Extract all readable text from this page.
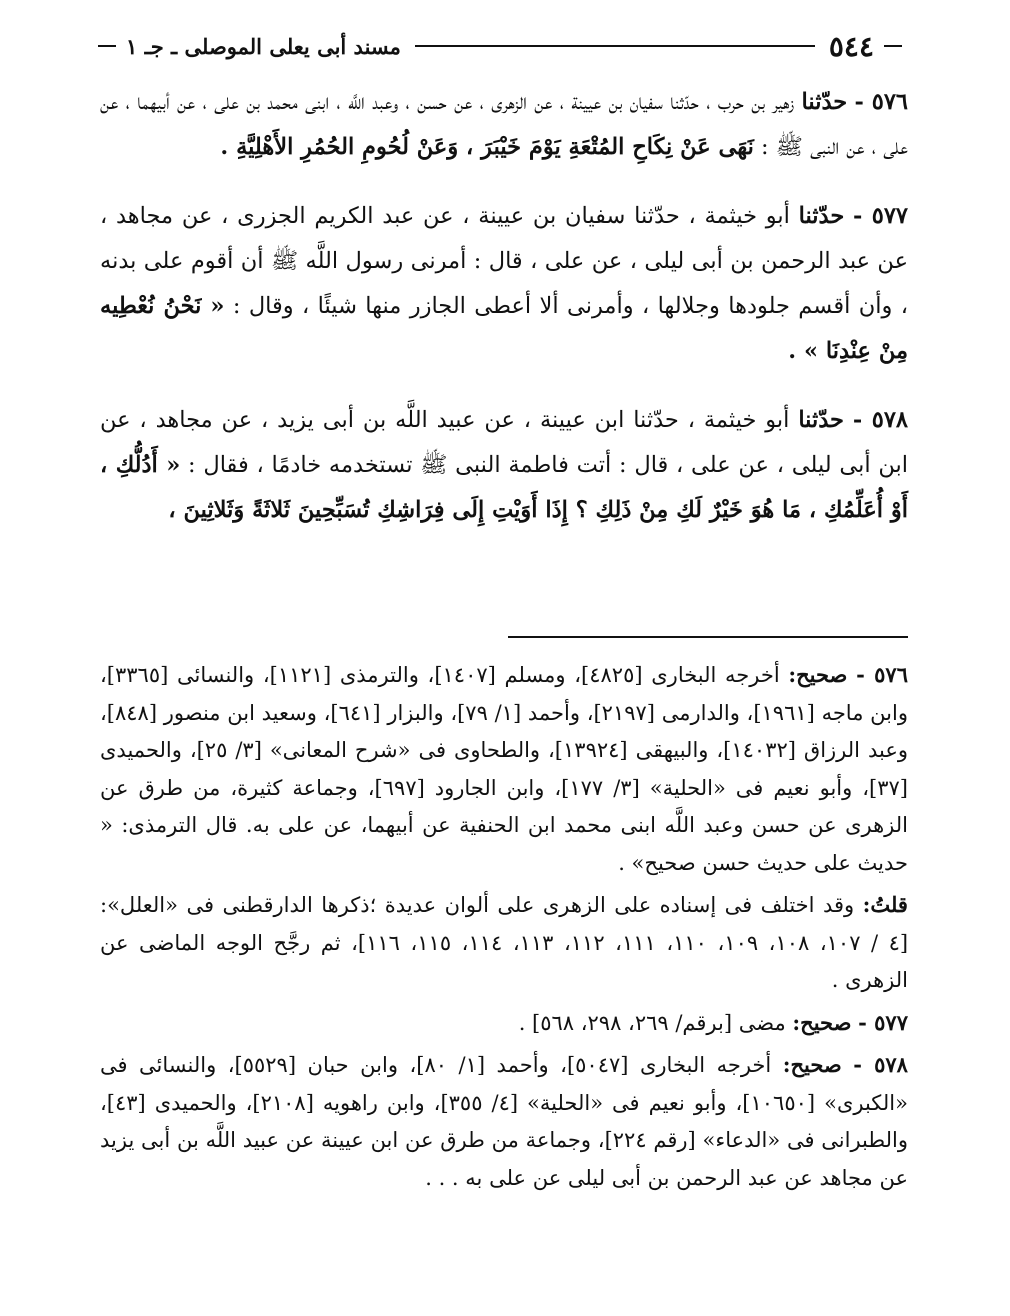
٥٤٤
مسند أبى يعلى الموصلى ـ جـ ١

٥٧٦ - حدّثنا زهير بن حرب ، حدّثنا سفيان بن عيينة ، عن الزهرى ، عن حسن ، وعبد اللَّه ، ابنى محمد بن على ، عن أبيهما ، عن على ، عن النبى ﷺ : نَهَى عَنْ نِكَاحِ المُتْعَةِ يَوْمَ خَيْبَرَ ، وَعَنْ لُحُومِ الحُمُرِ الأَهْلِيَّةِ .

٥٧٧ - حدّثنا أبو خيثمة ، حدّثنا سفيان بن عيينة ، عن عبد الكريم الجزرى ، عن مجاهد ، عن عبد الرحمن بن أبى ليلى ، عن على ، قال : أمرنى رسول اللَّه ﷺ أن أقوم على بدنه ، وأن أقسم جلودها وجلالها ، وأمرنى ألا أعطى الجازر منها شيئًا ، وقال : « نَحْنُ نُعْطِيه مِنْ عِنْدِنَا » .

٥٧٨ - حدّثنا أبو خيثمة ، حدّثنا ابن عيينة ، عن عبيد اللَّه بن أبى يزيد ، عن مجاهد ، عن ابن أبى ليلى ، عن على ، قال : أتت فاطمة النبى ﷺ تستخدمه خادمًا ، فقال : « أَدُلُّكِ ، أَوْ أُعَلِّمُكِ ، مَا هُوَ خَيْرٌ لَكِ مِنْ ذَلِكِ ؟ إِذَا أَوَيْتِ إِلَى فِرَاشِكِ تُسَبِّحِينَ ثَلاثَةً وَثَلاثِينَ ،

٥٧٦ - صحيح: أخرجه البخارى [٤٨٢٥]، ومسلم [١٤٠٧]، والترمذى [١١٢١]، والنسائى [٣٣٦٥]، وابن ماجه [١٩٦١]، والدارمى [٢١٩٧]، وأحمد [١/ ٧٩]، والبزار [٦٤١]، وسعيد ابن منصور [٨٤٨]، وعبد الرزاق [١٤٠٣٢]، والبيهقى [١٣٩٢٤]، والطحاوى فى «شرح المعانى» [٣/ ٢٥]، والحميدى [٣٧]، وأبو نعيم فى «الحلية» [٣/ ١٧٧]، وابن الجارود [٦٩٧]، وجماعة كثيرة، من طرق عن الزهرى عن حسن وعبد اللَّه ابنى محمد ابن الحنفية عن أبيهما، عن على به. قال الترمذى: « حديث على حديث حسن صحيح» .

قلتُ: وقد اختلف فى إسناده على الزهرى على ألوان عديدة ؛ذكرها الدارقطنى فى «العلل»: [٤ / ١٠٧، ١٠٨، ١٠٩، ١١٠، ١١١، ١١٢، ١١٣، ١١٤، ١١٥، ١١٦]، ثم رجَّح الوجه الماضى عن الزهرى .

٥٧٧ - صحيح: مضى [برقم/ ٢٦٩، ٢٩٨، ٥٦٨] .

٥٧٨ - صحيح: أخرجه البخارى [٥٠٤٧]، وأحمد [١/ ٨٠]، وابن حبان [٥٥٢٩]، والنسائى فى «الكبرى» [١٠٦٥٠]، وأبو نعيم فى «الحلية» [٤/ ٣٥٥]، وابن راهويه [٢١٠٨]، والحميدى [٤٣]، والطبرانى فى «الدعاء» [رقم ٢٢٤]، وجماعة من طرق عن ابن عيينة عن عبيد اللَّه بن أبى يزيد عن مجاهد عن عبد الرحمن بن أبى ليلى عن على به . . .
